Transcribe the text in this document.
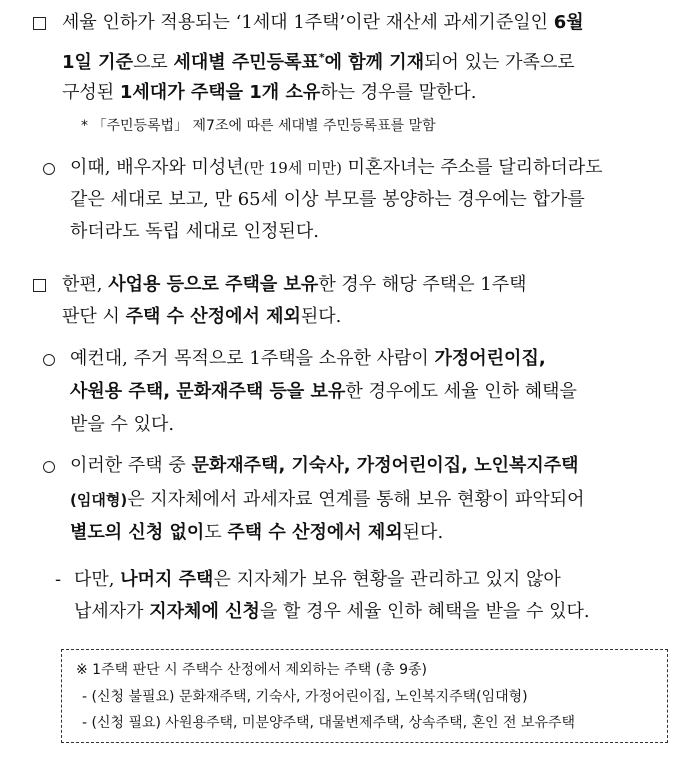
세율 인하가 적용되는 ‘1세대 1주택’이란 재산세 과세기준일인 6월
1일 기준으로 세대별 주민등록표*에 함께 기재되어 있는 가족으로
구성된 1세대가 주택을 1개 소유하는 경우를 말한다.
* 「주민등록법」 제7조에 따른 세대별 주민등록표를 말함
이때, 배우자와 미성년(만 19세 미만) 미혼자녀는 주소를 달리하더라도
같은 세대로 보고, 만 65세 이상 부모를 봉양하는 경우에는 합가를
하더라도 독립 세대로 인정된다.
한편, 사업용 등으로 주택을 보유한 경우 해당 주택은 1주택
판단 시 주택 수 산정에서 제외된다.
예컨대, 주거 목적으로 1주택을 소유한 사람이 가정어린이집,
사원용 주택, 문화재주택 등을 보유한 경우에도 세율 인하 혜택을
받을 수 있다.
이러한 주택 중 문화재주택, 기숙사, 가정어린이집, 노인복지주택
(임대형)은 지자체에서 과세자료 연계를 통해 보유 현황이 파악되어
별도의 신청 없이도 주택 수 산정에서 제외된다.
- 다만, 나머지 주택은 지자체가 보유 현황을 관리하고 있지 않아
납세자가 지자체에 신청을 할 경우 세율 인하 혜택을 받을 수 있다.
※ 1주택 판단 시 주택수 산정에서 제외하는 주택 (총 9종)
- (신청 불필요) 문화재주택, 기숙사, 가정어린이집, 노인복지주택(임대형)
- (신청 필요) 사원용주택, 미분양주택, 대물변제주택, 상속주택, 혼인 전 보유주택
